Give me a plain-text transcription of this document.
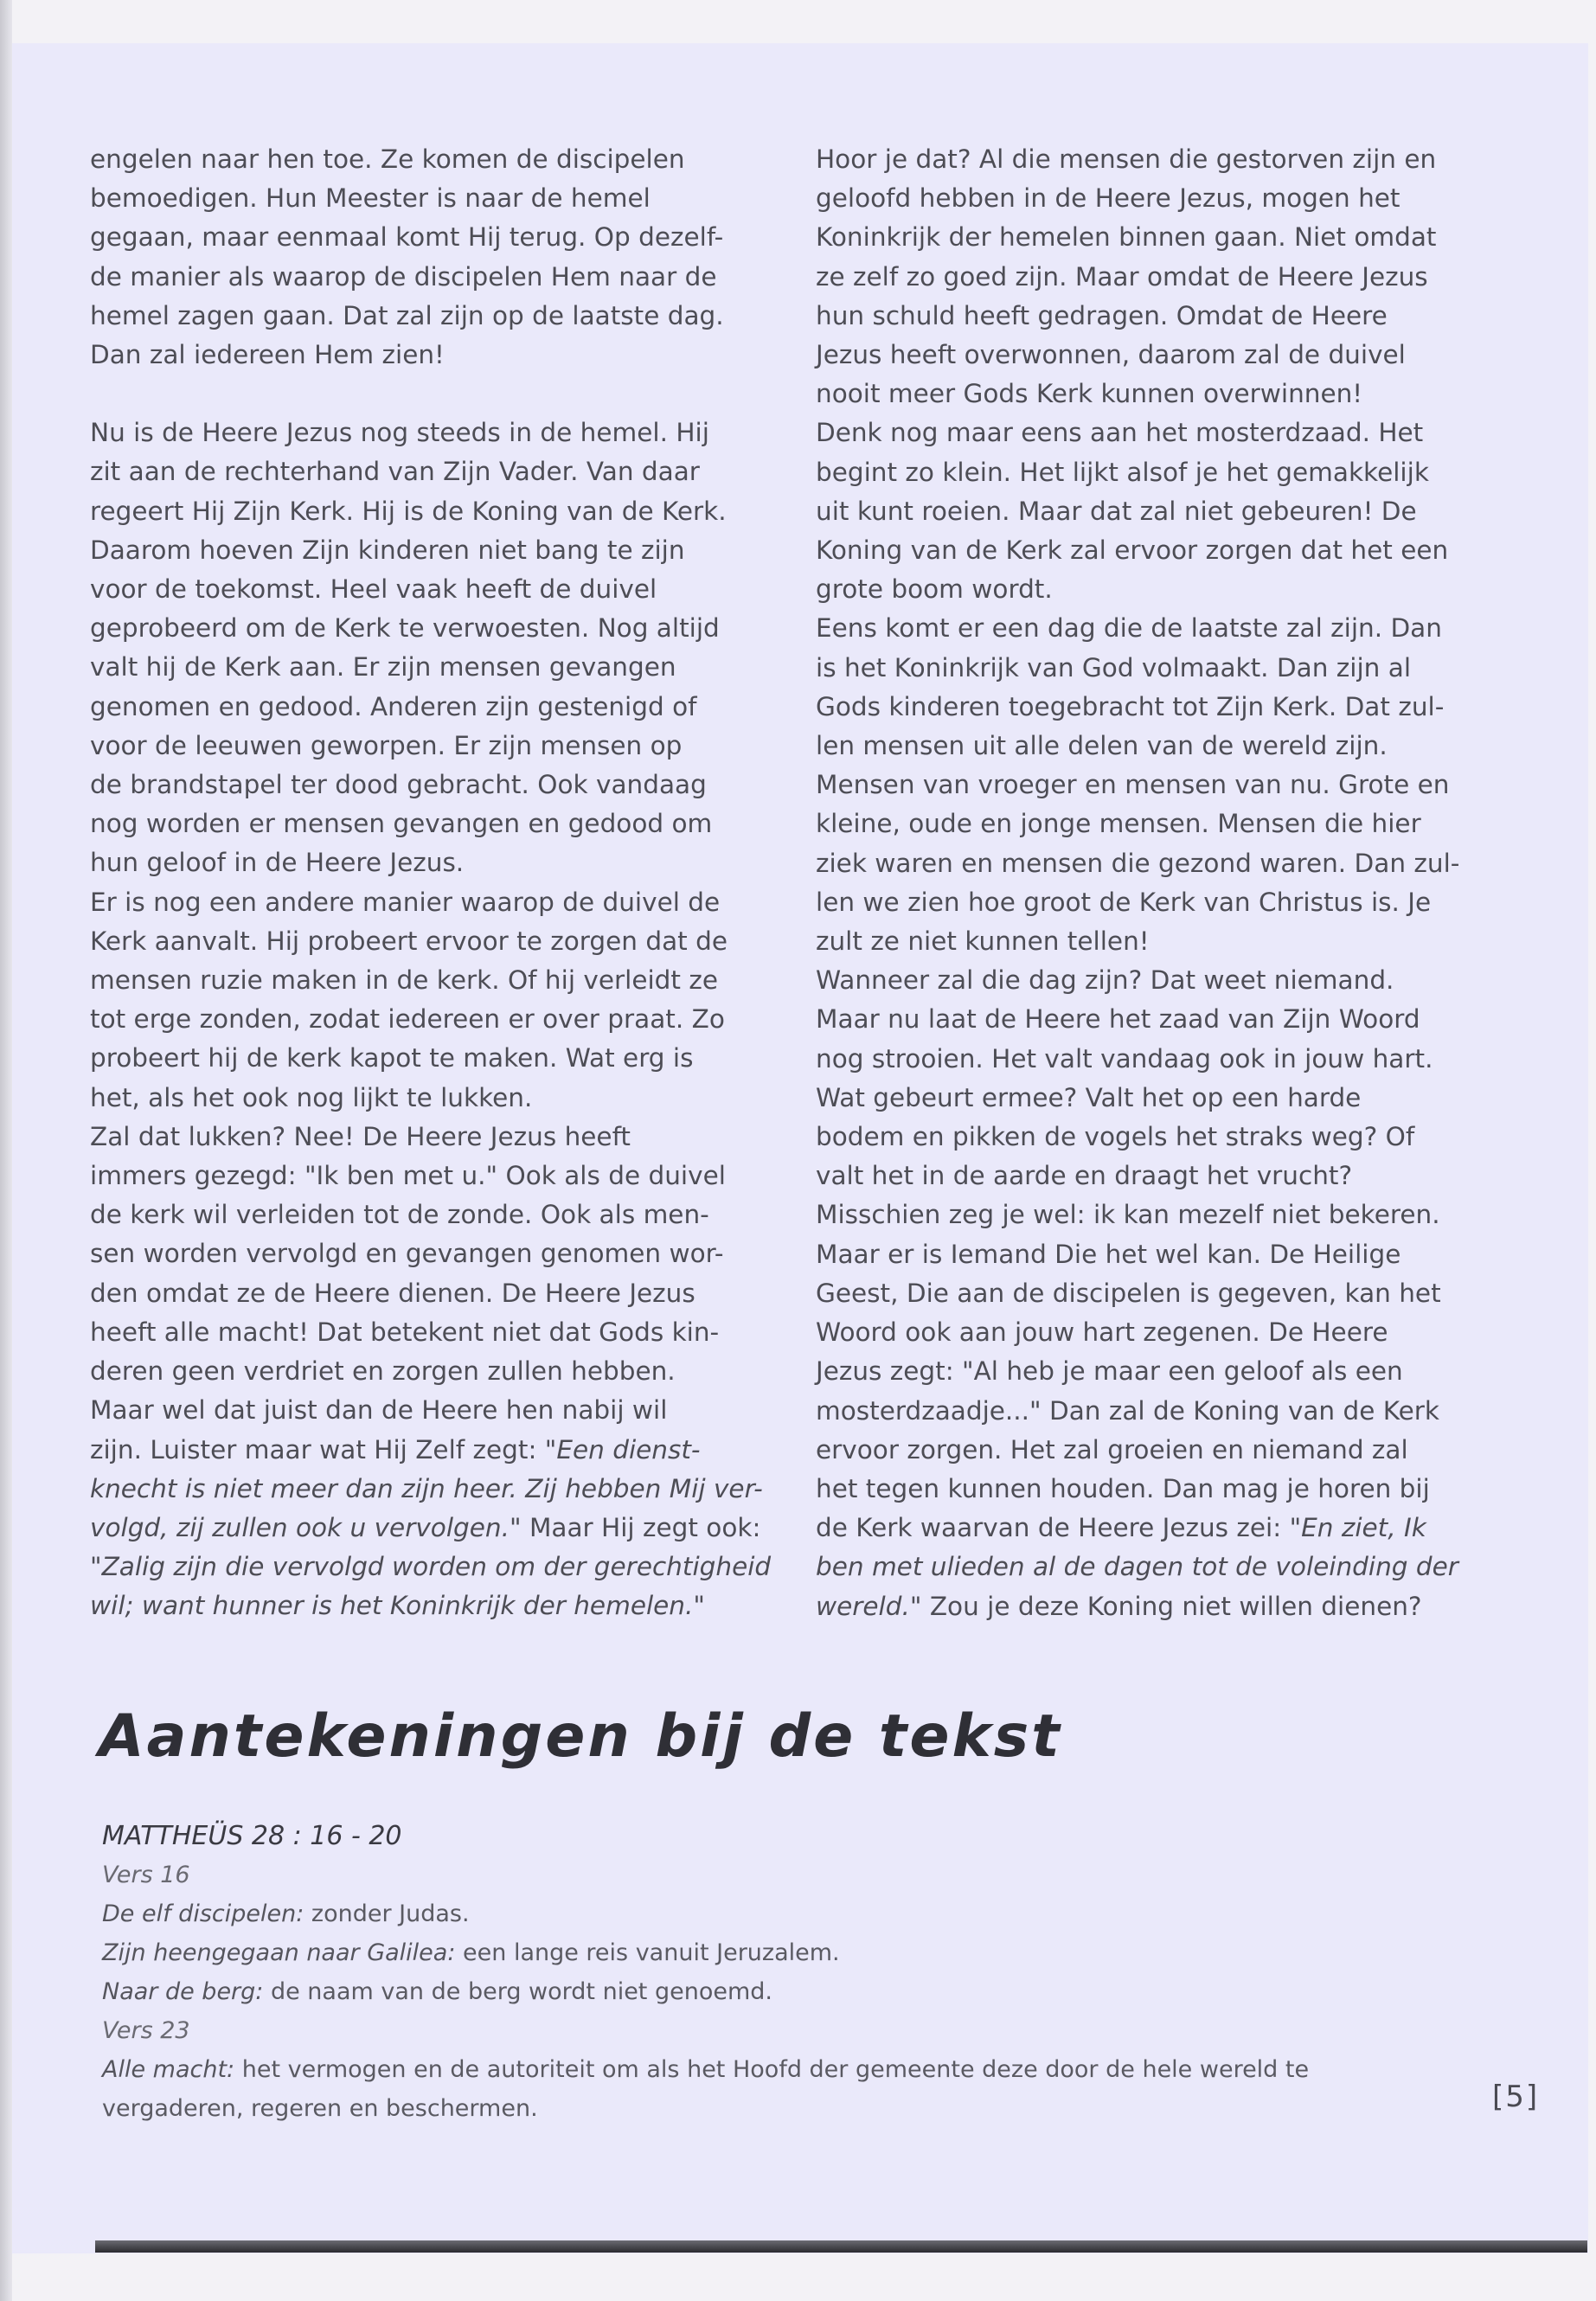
engelen naar hen toe. Ze komen de discipelen
bemoedigen. Hun Meester is naar de hemel
gegaan, maar eenmaal komt Hij terug. Op dezelf-
de manier als waarop de discipelen Hem naar de
hemel zagen gaan. Dat zal zijn op de laatste dag.
Dan zal iedereen Hem zien!

Nu is de Heere Jezus nog steeds in de hemel. Hij
zit aan de rechterhand van Zijn Vader. Van daar
regeert Hij Zijn Kerk. Hij is de Koning van de Kerk.
Daarom hoeven Zijn kinderen niet bang te zijn
voor de toekomst. Heel vaak heeft de duivel
geprobeerd om de Kerk te verwoesten. Nog altijd
valt hij de Kerk aan. Er zijn mensen gevangen
genomen en gedood. Anderen zijn gestenigd of
voor de leeuwen geworpen. Er zijn mensen op
de brandstapel ter dood gebracht. Ook vandaag
nog worden er mensen gevangen en gedood om
hun geloof in de Heere Jezus.

Er is nog een andere manier waarop de duivel de
Kerk aanvalt. Hij probeert ervoor te zorgen dat de
mensen ruzie maken in de kerk. Of hij verleidt ze
tot erge zonden, zodat iedereen er over praat. Zo
probeert hij de kerk kapot te maken. Wat erg is
het, als het ook nog lijkt te lukken.

Zal dat lukken? Nee! De Heere Jezus heeft
immers gezegd: "Ik ben met u." Ook als de duivel
de kerk wil verleiden tot de zonde. Ook als men-
sen worden vervolgd en gevangen genomen wor-
den omdat ze de Heere dienen. De Heere Jezus
heeft alle macht! Dat betekent niet dat Gods kin-
deren geen verdriet en zorgen zullen hebben.
Maar wel dat juist dan de Heere hen nabij wil
zijn. Luister maar wat Hij Zelf zegt: "Een dienst-
knecht is niet meer dan zijn heer. Zij hebben Mij ver-
volgd, zij zullen ook u vervolgen." Maar Hij zegt ook:
"Zalig zijn die vervolgd worden om der gerechtigheid
wil; want hunner is het Koninkrijk der hemelen."

Hoor je dat? Al die mensen die gestorven zijn en
geloofd hebben in de Heere Jezus, mogen het
Koninkrijk der hemelen binnen gaan. Niet omdat
ze zelf zo goed zijn. Maar omdat de Heere Jezus
hun schuld heeft gedragen. Omdat de Heere
Jezus heeft overwonnen, daarom zal de duivel
nooit meer Gods Kerk kunnen overwinnen!

Denk nog maar eens aan het mosterdzaad. Het
begint zo klein. Het lijkt alsof je het gemakkelijk
uit kunt roeien. Maar dat zal niet gebeuren! De
Koning van de Kerk zal ervoor zorgen dat het een
grote boom wordt.

Eens komt er een dag die de laatste zal zijn. Dan
is het Koninkrijk van God volmaakt. Dan zijn al
Gods kinderen toegebracht tot Zijn Kerk. Dat zul-
len mensen uit alle delen van de wereld zijn.
Mensen van vroeger en mensen van nu. Grote en
kleine, oude en jonge mensen. Mensen die hier
ziek waren en mensen die gezond waren. Dan zul-
len we zien hoe groot de Kerk van Christus is. Je
zult ze niet kunnen tellen!

Wanneer zal die dag zijn? Dat weet niemand.
Maar nu laat de Heere het zaad van Zijn Woord
nog strooien. Het valt vandaag ook in jouw hart.
Wat gebeurt ermee? Valt het op een harde
bodem en pikken de vogels het straks weg? Of
valt het in de aarde en draagt het vrucht?
Misschien zeg je wel: ik kan mezelf niet bekeren.
Maar er is Iemand Die het wel kan. De Heilige
Geest, Die aan de discipelen is gegeven, kan het
Woord ook aan jouw hart zegenen. De Heere
Jezus zegt: "Al heb je maar een geloof als een
mosterdzaadje..." Dan zal de Koning van de Kerk
ervoor zorgen. Het zal groeien en niemand zal
het tegen kunnen houden. Dan mag je horen bij
de Kerk waarvan de Heere Jezus zei: "En ziet, Ik
ben met ulieden al de dagen tot de voleinding der
wereld." Zou je deze Koning niet willen dienen?

Aantekeningen bij de tekst
MATTHEÜS 28 : 16 - 20
Vers 16
De elf discipelen: zonder Judas.
Zijn heengegaan naar Galilea: een lange reis vanuit Jeruzalem.
Naar de berg: de naam van de berg wordt niet genoemd.
Vers 23
Alle macht: het vermogen en de autoriteit om als het Hoofd der gemeente deze door de hele wereld te
vergaderen, regeren en beschermen.	[5]
